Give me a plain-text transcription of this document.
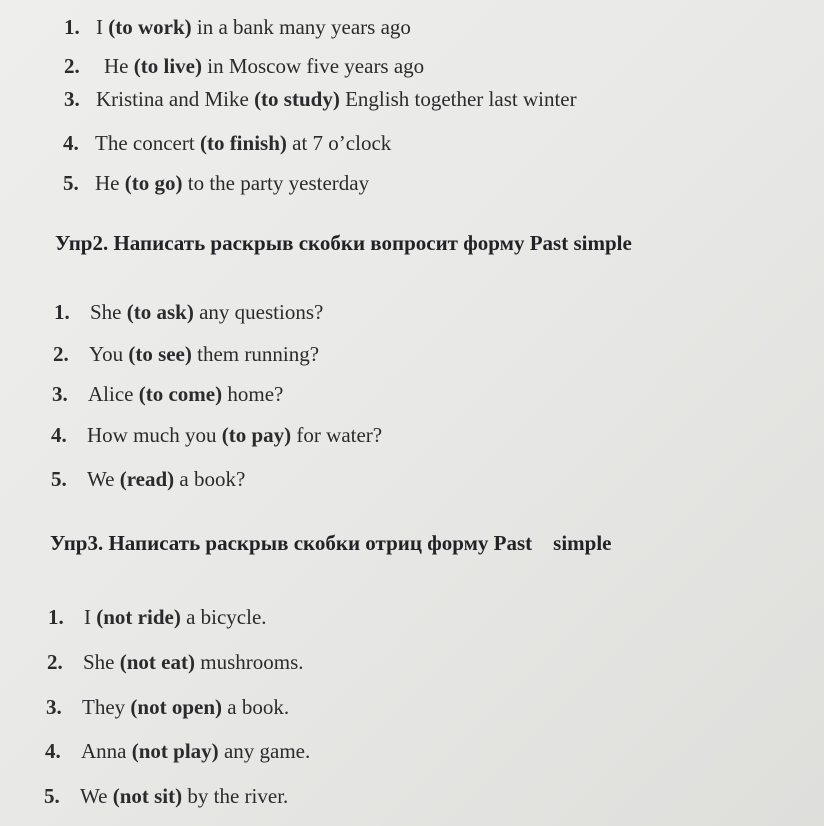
1. I (to work) in a bank many years ago
2. He (to live) in Moscow five years ago
3. Kristina and Mike (to study) English together last winter
4. The concert (to finish) at 7 o’clock
5. He (to go) to the party yesterday
Упр2. Написать раскрыв скобки вопросит форму Past simple
1. She (to ask) any questions?
2. You (to see) them running?
3. Alice (to come) home?
4. How much you (to pay) for water?
5. We (read) a book?
Упр3. Написать раскрыв скобки отриц форму Past    simple
1. I (not ride) a bicycle.
2. She (not eat) mushrooms.
3. They (not open) a book.
4. Anna (not play) any game.
5. We (not sit) by the river.
